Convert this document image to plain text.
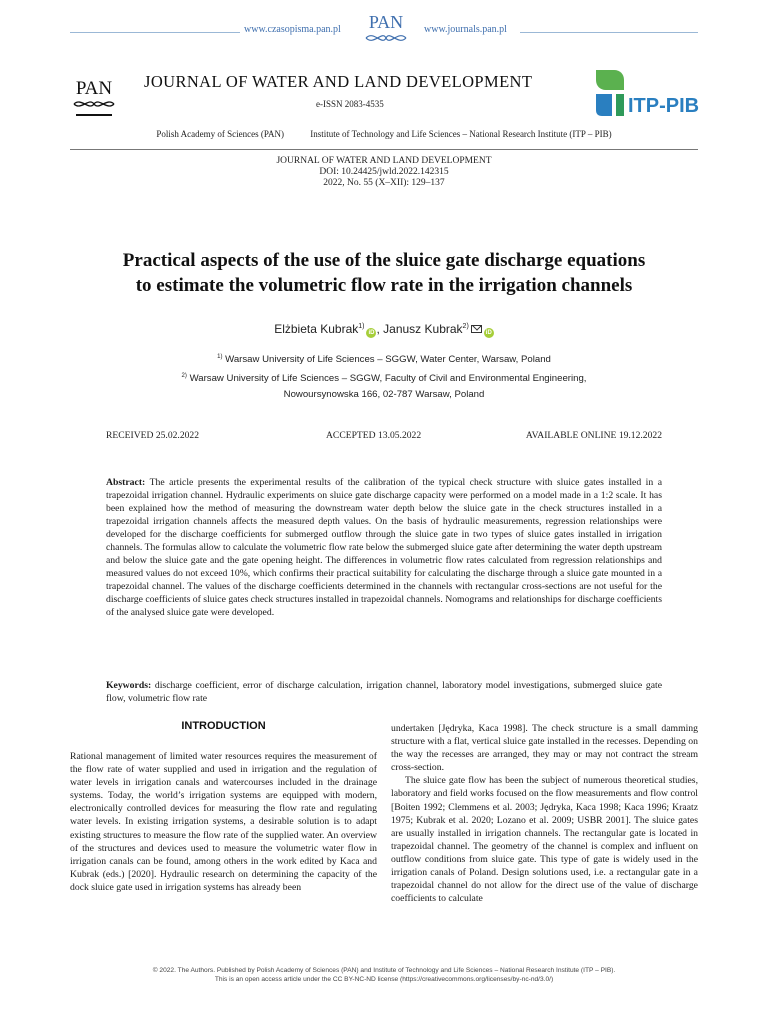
www.czasopisma.pan.pl PAN www.journals.pan.pl
PAN JOURNAL OF WATER AND LAND DEVELOPMENT
e-ISSN 2083-4535	ITP-PIB
Polish Academy of Sciences (PAN)	Institute of Technology and Life Sciences – National Research Institute (ITP – PIB)
JOURNAL OF WATER AND LAND DEVELOPMENT
DOI: 10.24425/jwld.2022.142315
2022, No. 55 (X–XII): 129–137
Practical aspects of the use of the sluice gate discharge equations
to estimate the volumetric flow rate in the irrigation channels
Elżbieta Kubrak$^{1)}$iD , Janusz Kubrak$^{2)}$iD
$^{1)}$ Warsaw University of Life Sciences – SGGW, Water Center, Warsaw, Poland
$^{2)}$ Warsaw University of Life Sciences – SGGW, Faculty of Civil and Environmental Engineering,
Nowoursynowska 166, 02-787 Warsaw, Poland
RECEIVED 25.02.2022	ACCEPTED 13.05.2022	AVAILABLE ONLINE 19.12.2022
Abstract: The article presents the experimental results of the calibration of the typical check structure with sluice gates installed in a trapezoidal irrigation channel. Hydraulic experiments on sluice gate discharge capacity were performed on a model made in a 1:2 scale. It has been explained how the method of measuring the downstream water depth below the sluice gate in the check structures installed in a trapezoidal irrigation channels affects the measured depth values. On the basis of hydraulic measurements, regression relationships were developed for the discharge coefficients for submerged outflow through the sluice gate in two types of sluice gates installed in irrigation channels. The formulas allow to calculate the volumetric flow rate below the submerged sluice gate after determining the water depth upstream and below the sluice gate and the gate opening height. The differences in volumetric flow rates calculated from regression relationships and measured values do not exceed 10%, which confirms their practical suitability for calculating the discharge through a sluice gate mounted in a trapezoidal channel. The values of the discharge coefficients determined in the channels with rectangular cross-sections are not useful for the discharge coefficients of sluice gates check structures installed in trapezoidal channels. Nomograms and relationships for discharge coefficients of the analysed sluice gate were developed.
Keywords: discharge coefficient, error of discharge calculation, irrigation channel, laboratory model investigations, submerged sluice gate flow, volumetric flow rate
INTRODUCTION

Rational management of limited water resources requires the measurement of the flow rate of water supplied and used in irrigation and the regulation of water levels in irrigation canals and watercourses included in the drainage systems. Today, the world’s irrigation systems are equipped with modern, electronically controlled devices for measuring the flow rate and regulating water levels. In existing irrigation systems, a desirable solution is to adapt existing structures to measure the flow rate of the supplied water. An overview of the structures and devices used to measure the volumetric water flow in irrigation canals can be found, among others in the work edited by Kaca and Kubrak (eds.) [2020]. Hydraulic research on determining the capacity of the dock sluice gate used in irrigation systems has already been

undertaken [Jędryka, Kaca 1998]. The check structure is a small damming structure with a flat, vertical sluice gate installed in the recesses. Depending on the way the recesses are arranged, they may or may not contract the stream cross-section.

The sluice gate flow has been the subject of numerous theoretical studies, laboratory and field works focused on the flow measurements and flow control [Boiten 1992; Clemmens et al. 2003; Jędryka, Kaca 1998; Kaca 1996; Kraatz 1975; Kubrak et al. 2020; Lozano et al. 2009; USBR 2001]. The sluice gates are usually installed in irrigation channels. The rectangular gate is located in trapezoidal channel. The geometry of the channel is complex and influent on outflow conditions from sluice gate. This type of gate is widely used in the irrigation canals of Poland. Design solutions used, i.e. a rectangular gate in a trapezoidal channel do not allow for the direct use of the value of discharge coefficients to calculate

© 2022. The Authors. Published by Polish Academy of Sciences (PAN) and Institute of Technology and Life Sciences – National Research Institute (ITP – PIB).
This is an open access article under the CC BY-NC-ND license (https://creativecommons.org/licenses/by-nc-nd/3.0/)
